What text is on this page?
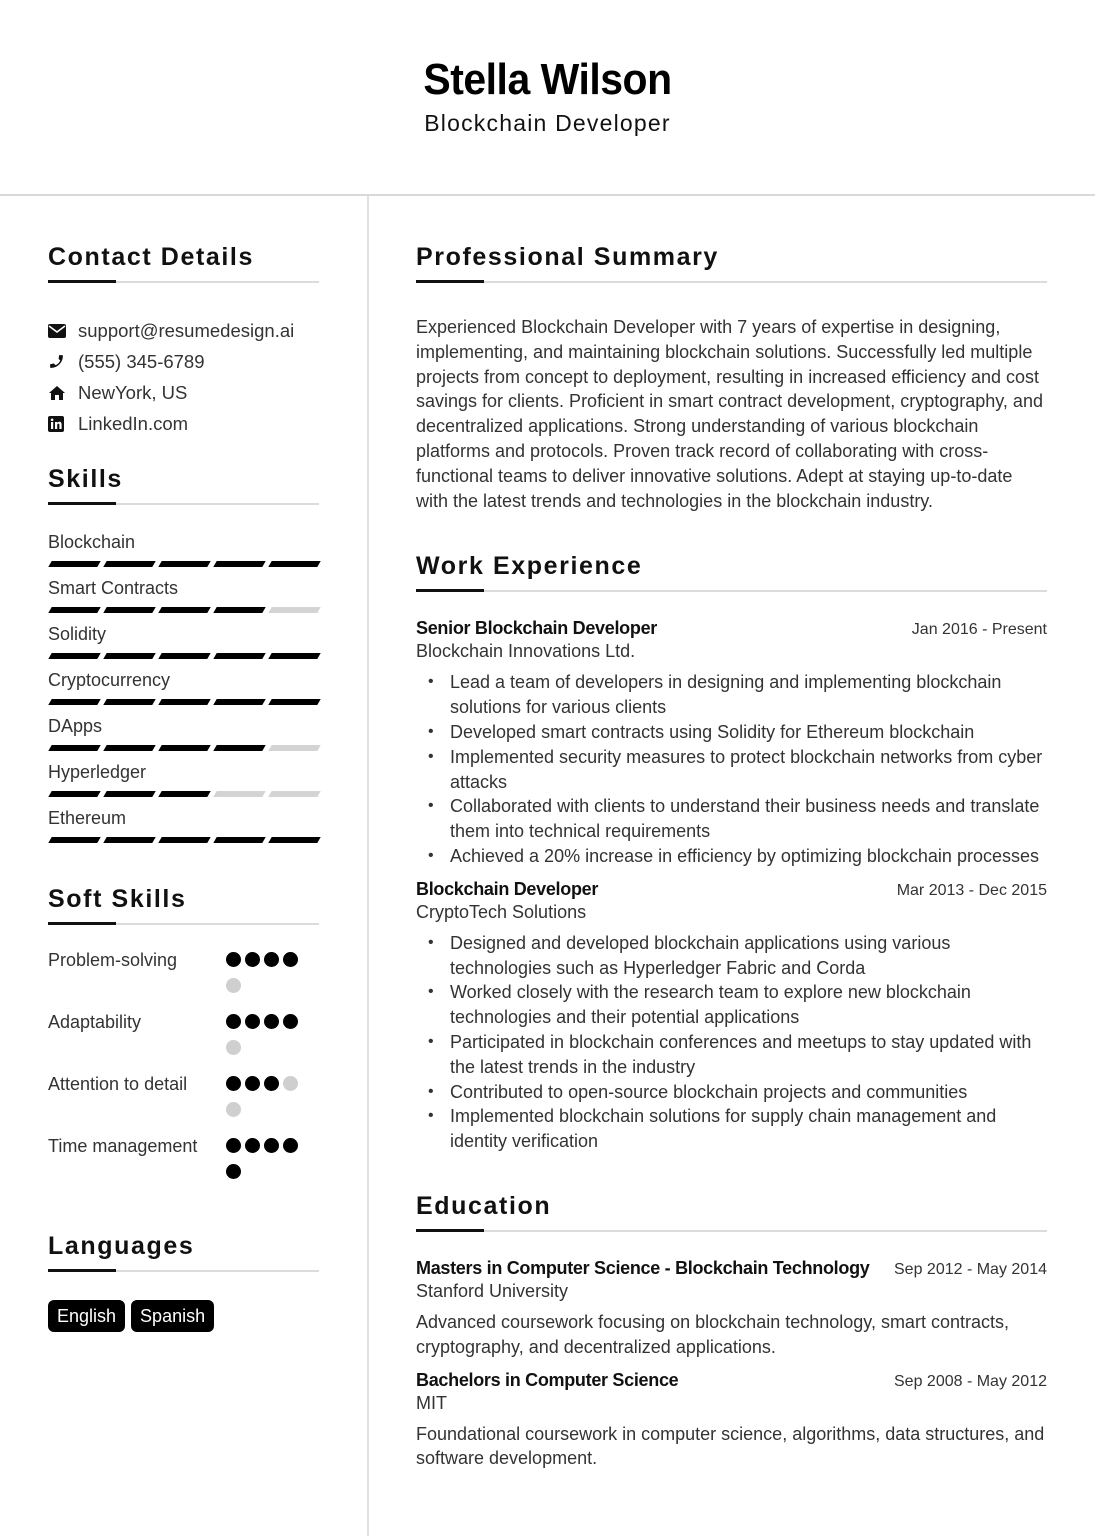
Stella Wilson
Blockchain Developer
Contact Details
support@resumedesign.ai
(555) 345-6789
NewYork, US
LinkedIn.com
Skills
Blockchain
Smart Contracts
Solidity
Cryptocurrency
DApps
Hyperledger
Ethereum
Soft Skills
Problem-solving
Adaptability
Attention to detail
Time management
Languages
English	Spanish
Professional Summary

Experienced Blockchain Developer with 7 years of expertise in designing, implementing, and maintaining blockchain solutions. Successfully led multiple projects from concept to deployment, resulting in increased efficiency and cost savings for clients. Proficient in smart contract development, cryptography, and decentralized applications. Strong understanding of various blockchain platforms and protocols. Proven track record of collaborating with cross-functional teams to deliver innovative solutions. Adept at staying up-to-date with the latest trends and technologies in the blockchain industry.

Work Experience
Senior Blockchain Developer	Jan 2016 - Present
Blockchain Innovations Ltd.
• Lead a team of developers in designing and implementing blockchain solutions for various clients
• Developed smart contracts using Solidity for Ethereum blockchain
• Implemented security measures to protect blockchain networks from cyber attacks
• Collaborated with clients to understand their business needs and translate them into technical requirements
• Achieved a 20% increase in efficiency by optimizing blockchain processes
Blockchain Developer	Mar 2013 - Dec 2015
CryptoTech Solutions
• Designed and developed blockchain applications using various technologies such as Hyperledger Fabric and Corda
• Worked closely with the research team to explore new blockchain technologies and their potential applications
• Participated in blockchain conferences and meetups to stay updated with the latest trends in the industry
• Contributed to open-source blockchain projects and communities
• Implemented blockchain solutions for supply chain management and identity verification
Education
Masters in Computer Science - Blockchain Technology Sep 2012 - May 2014
Stanford University

Advanced coursework focusing on blockchain technology, smart contracts, cryptography, and decentralized applications.

Bachelors in Computer Science	Sep 2008 - May 2012
MIT

Foundational coursework in computer science, algorithms, data structures, and software development.
